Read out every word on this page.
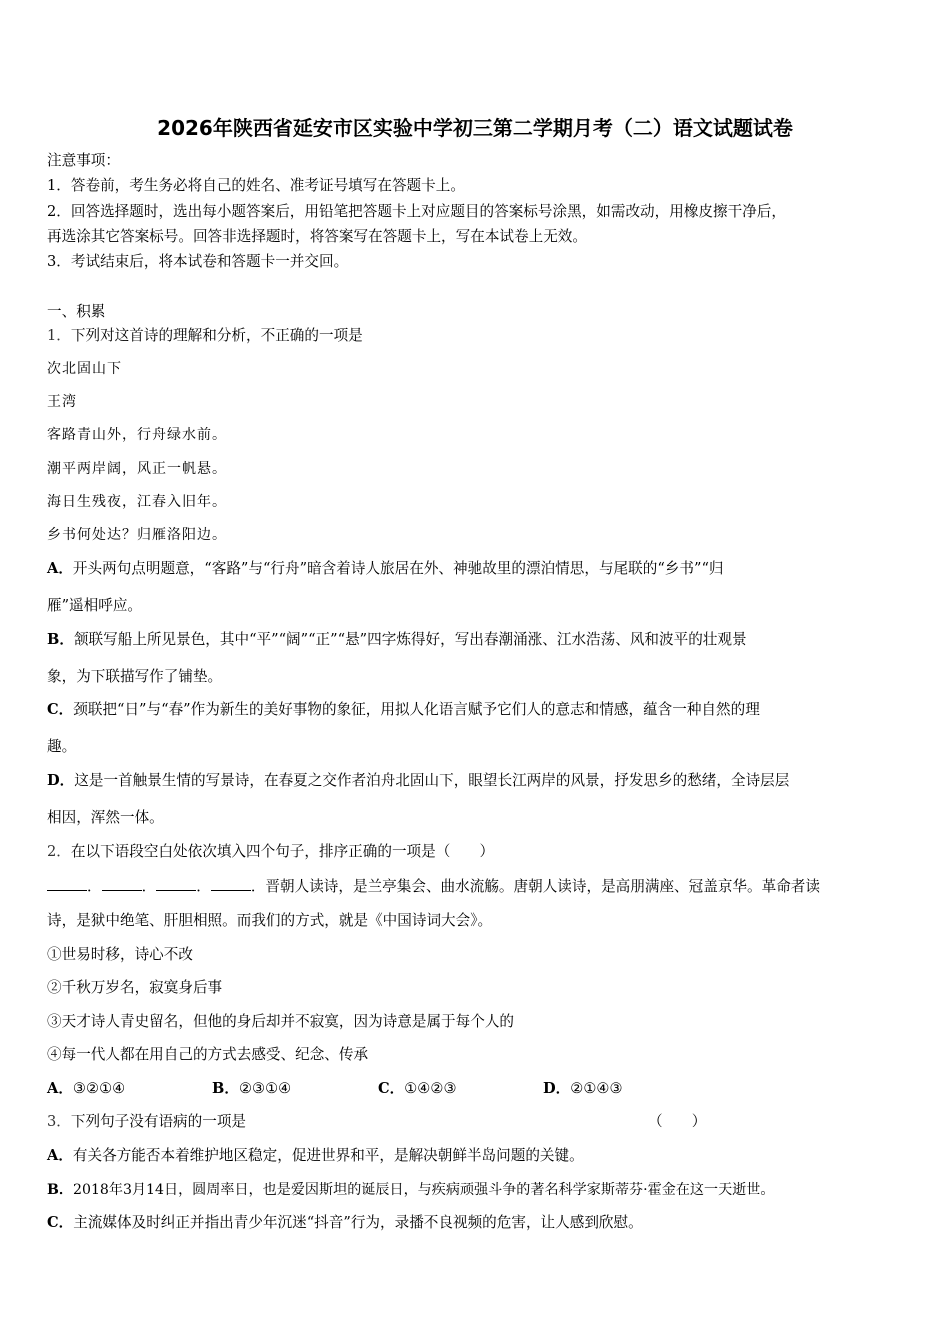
2026年陕西省延安市区实验中学初三第二学期月考（二）语文试题试卷
注意事项：
1．答卷前，考生务必将自己的姓名、准考证号填写在答题卡上。
2．回答选择题时，选出每小题答案后，用铅笔把答题卡上对应题目的答案标号涂黑，如需改动，用橡皮擦干净后，
再选涂其它答案标号。回答非选择题时，将答案写在答题卡上，写在本试卷上无效。
3．考试结束后，将本试卷和答题卡一并交回。
一、积累
1．下列对这首诗的理解和分析，不正确的一项是
次北固山下
王湾
客路青山外，行舟绿水前。
潮平两岸阔，风正一帆悬。
海日生残夜，江春入旧年。
乡书何处达？归雁洛阳边。
A．开头两句点明题意，“客路”与“行舟”暗含着诗人旅居在外、神驰故里的漂泊情思，与尾联的“乡书”“归
雁”遥相呼应。
B．颔联写船上所见景色，其中“平”“阔”“正”“悬”四字炼得好，写出春潮涌涨、江水浩荡、风和波平的壮观景
象，为下联描写作了铺垫。
C．颈联把“日”与“春”作为新生的美好事物的象征，用拟人化语言赋予它们人的意志和情感，蕴含一种自然的理
趣。
D．这是一首触景生情的写景诗，在春夏之交作者泊舟北固山下，眼望长江两岸的风景，抒发思乡的愁绪，全诗层层
相因，浑然一体。
2．在以下语段空白处依次填入四个句子，排序正确的一项是（　　）
．	．	．	．晋朝人读诗，是兰亭集会、曲水流觞。唐朝人读诗，是高朋满座、冠盖京华。革命者读
诗，是狱中绝笔、肝胆相照。而我们的方式，就是《中国诗词大会》。
①世易时移，诗心不改
②千秋万岁名，寂寞身后事
③天才诗人青史留名，但他的身后却并不寂寞，因为诗意是属于每个人的
④每一代人都在用自己的方式去感受、纪念、传承
A．③②①④	B．②③①④	C．①④②③	D．②①④③
3．下列句子没有语病的一项是	（　　）
A．有关各方能否本着维护地区稳定，促进世界和平，是解决朝鲜半岛问题的关键。
B．2018年3月14日，圆周率日，也是爱因斯坦的诞辰日，与疾病顽强斗争的著名科学家斯蒂芬·霍金在这一天逝世。
C．主流媒体及时纠正并指出青少年沉迷“抖音”行为，录播不良视频的危害，让人感到欣慰。
